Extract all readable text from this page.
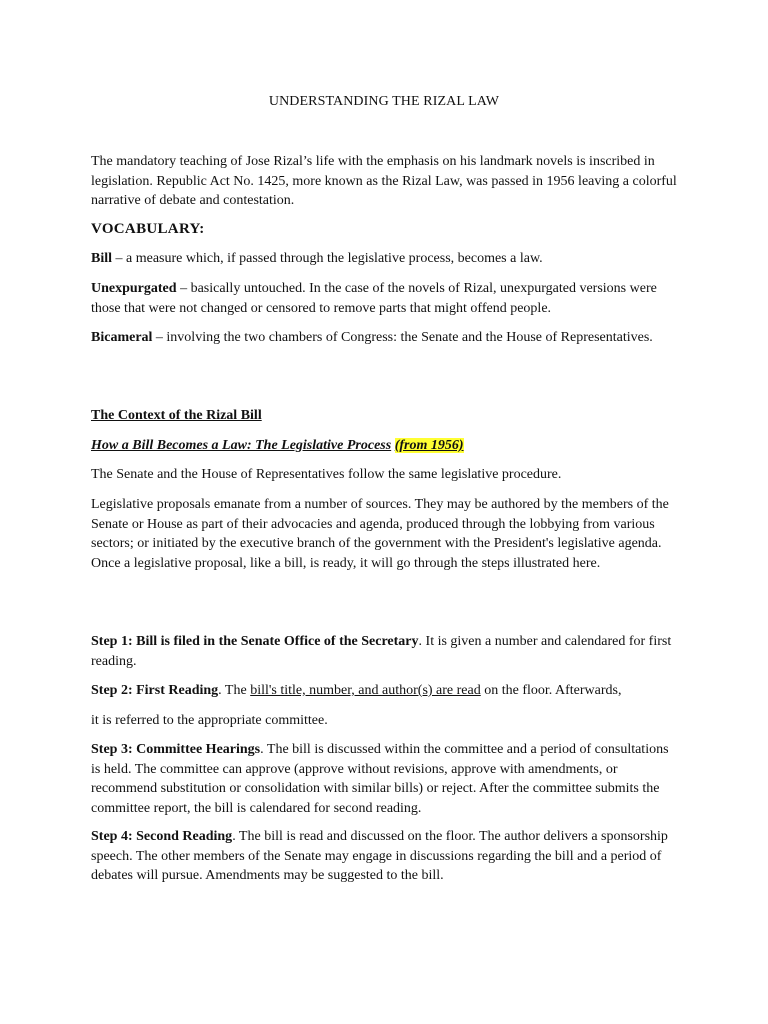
UNDERSTANDING THE RIZAL LAW

The mandatory teaching of Jose Rizal’s life with the emphasis on his landmark novels is inscribed in legislation. Republic Act No. 1425, more known as the Rizal Law, was passed in 1956 leaving a colorful narrative of debate and contestation.

VOCABULARY:

Bill – a measure which, if passed through the legislative process, becomes a law.

Unexpurgated – basically untouched. In the case of the novels of Rizal, unexpurgated versions were those that were not changed or censored to remove parts that might offend people.

Bicameral – involving the two chambers of Congress: the Senate and the House of Representatives.

The Context of the Rizal Bill

How a Bill Becomes a Law: The Legislative Process (from 1956)

The Senate and the House of Representatives follow the same legislative procedure.

Legislative proposals emanate from a number of sources. They may be authored by the members of the Senate or House as part of their advocacies and agenda, produced through the lobbying from various sectors; or initiated by the executive branch of the government with the President's legislative agenda. Once a legislative proposal, like a bill, is ready, it will go through the steps illustrated here.

Step 1: Bill is filed in the Senate Office of the Secretary. It is given a number and calendared for first reading.

Step 2: First Reading. The bill's title, number, and author(s) are read on the floor. Afterwards,

it is referred to the appropriate committee.

Step 3: Committee Hearings. The bill is discussed within the committee and a period of consultations is held. The committee can approve (approve without revisions, approve with amendments, or recommend substitution or consolidation with similar bills) or reject. After the committee submits the committee report, the bill is calendared for second reading.

Step 4: Second Reading. The bill is read and discussed on the floor. The author delivers a sponsorship speech. The other members of the Senate may engage in discussions regarding the bill and a period of debates will pursue. Amendments may be suggested to the bill.
